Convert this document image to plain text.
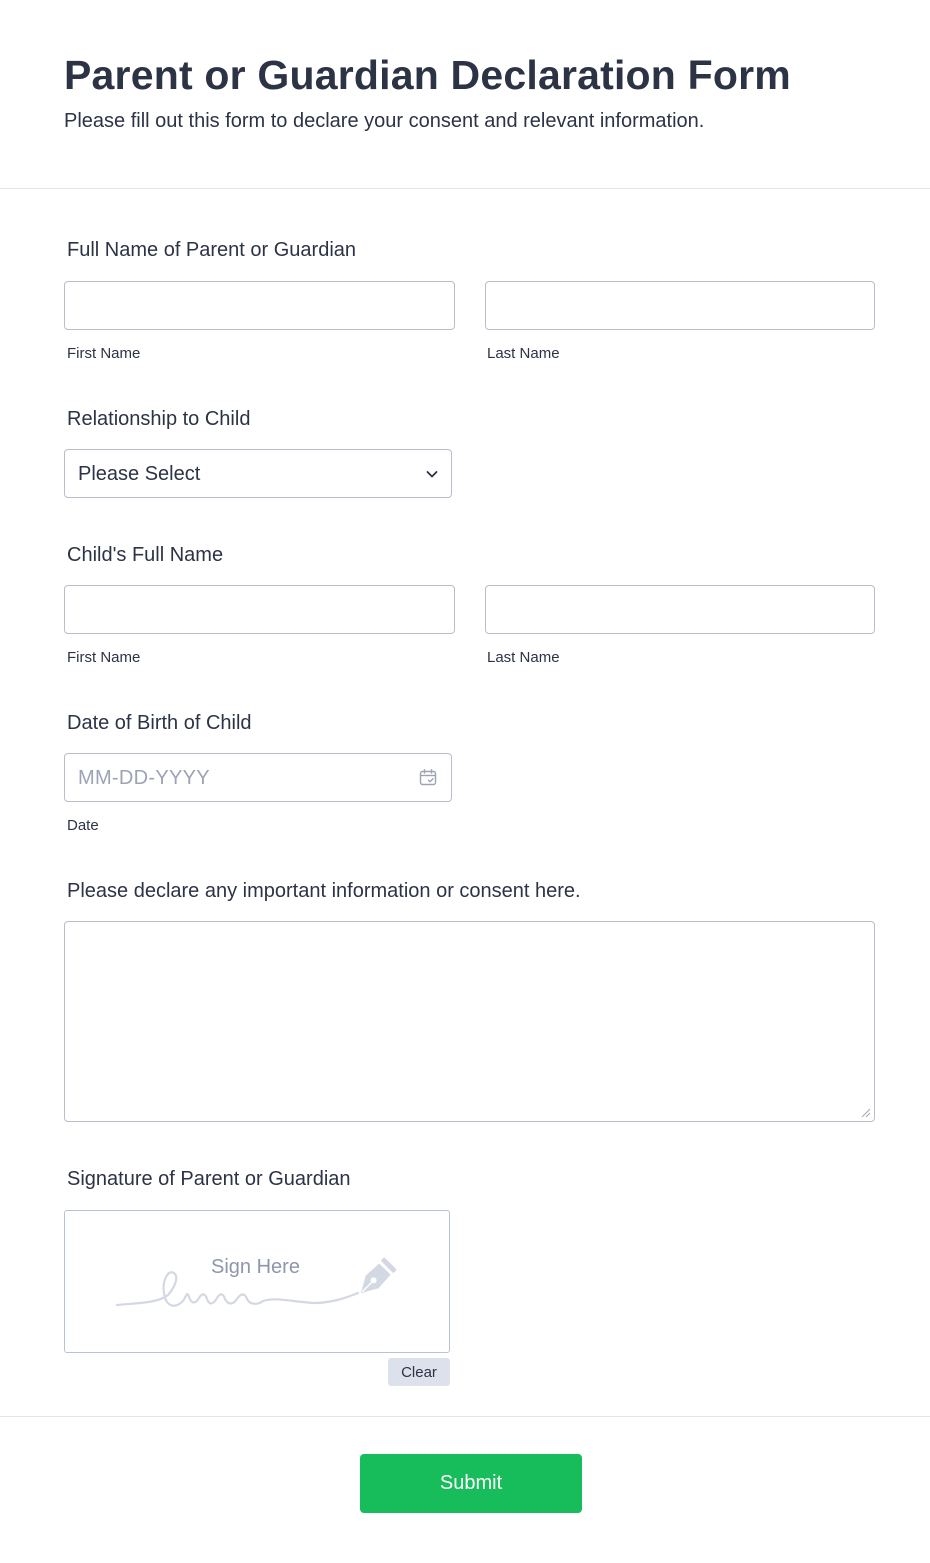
Parent or Guardian Declaration Form
Please fill out this form to declare your consent and relevant information.
Full Name of Parent or Guardian
First Name	Last Name
Relationship to Child
Please Select
Child's Full Name
First Name	Last Name
Date of Birth of Child
MM-DD-YYYY
Date
Please declare any important information or consent here.
Signature of Parent or Guardian
Sign Here
Clear
Submit
